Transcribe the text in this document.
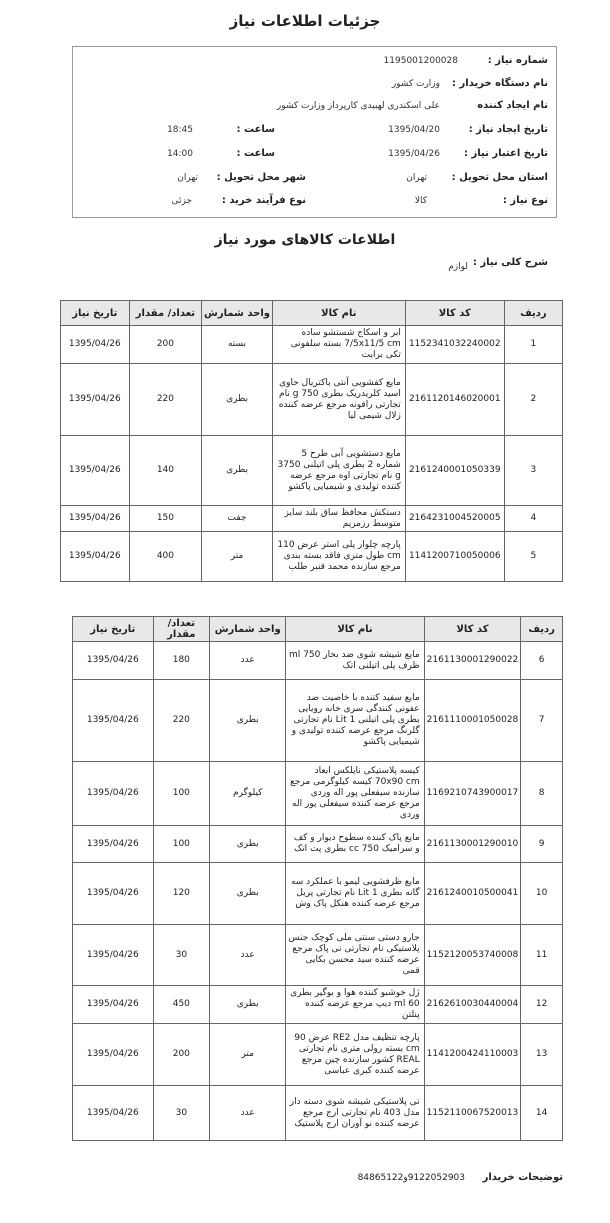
جزئیات اطلاعات نیاز
شماره نیاز :
1195001200028
نام دستگاه خریدار :
وزارت کشور
نام ایجاد کننده
علی اسکندری لهبیدی کارپرداز وزارت کشور
تاریخ ایجاد نیاز :
1395/04/20
ساعت :
18:45
تاریخ اعتبار نیاز :
1395/04/26
ساعت :
14:00
استان محل تحویل :
تهران
شهر محل تحویل :
تهران
نوع نیاز :
کالا
نوع فرآیند خرید :
جزئی
اطلاعات کالاهای مورد نیاز
شرح کلی نیاز :
لوازم
ردیف	کد کالا	نام کالا	واحد شمارش	تعداد/ مقدار	تاریخ نیاز
1	1152341032240002	ابر و اسکاج شستشو ساده 7/5x11/5 cm بسته سلفونی تکی برایت	بسته	200	1395/04/26
2	2161120146020001	مایع کفشویی آنتی باکتریال حاوی اسید کلریدریک بطری 750 g نام تجارتی رافونه مرجع عرضه کننده زلال شیمی لیا	بطری	220	1395/04/26
3	2161240001050339	مایع دستشویی آبی طرح 5 شماره 2 بطری پلی اتیلنی 3750 g نام تجارتی اوه مرجع عرضه کننده تولیدی و شیمیایی پاکشو	بطری	140	1395/04/26
4	2164231004520005	دستکش محافظ ساق بلند سایز متوسط رزمریم	جفت	150	1395/04/26
5	1141200710050006	پارچه چلوار پلی استر عرض 110 cm طول متری فاقد بسته بندی مرجع سازنده محمد قنبر طلب	متر	400	1395/04/26
ردیف	کد کالا	نام کالا	واحد شمارش	تعداد/ مقدار	تاریخ نیاز
6	2161130001290022	مایع شیشه شوی ضد بخار 750 ml ظرف پلی اتیلنی اتک	عدد	180	1395/04/26
7	2161110001050028	مایع سفید کننده با خاصیت ضد عفونی کنندگی سری خانه رویایی بطری پلی اتیلنی 1 Lit نام تجارتی گلرنگ مرجع عرضه کننده تولیدی و شیمیایی پاکشو	بطری	220	1395/04/26
8	1169210743900017	کیسه پلاستیکی نایلکس ابعاد 70x90 cm کیسه کیلوگرمی مرجع سازنده سیفعلی پور اله وردی مرجع عرضه کننده سیفعلی پور اله وردی	کیلوگرم	100	1395/04/26
9	2161130001290010	مایع پاک کننده سطوح دیوار و کف و سرامیک 750 cc بطری پت اتک	بطری	100	1395/04/26
10	2161240010500041	مایع ظرفشویی لیمو با عملکرد سه گانه بطری 1 Lit نام تجارتی پریل مرجع عرضه کننده هنکل پاک وش	بطری	120	1395/04/26
11	1152120053740008	جارو دستی سنتی ملی کوچک جنس پلاستیکی نام تجارتی نی پاک مرجع عرضه کننده سید محسن بکایی قمی	عدد	30	1395/04/26
12	2162610030440004	ژل خوشبو کننده هوا و بوگیر بطری 60 ml دیپ مرجع عرضه کننده پنلتن	بطری	450	1395/04/26
13	1141200424110003	پارچه تنظیف مدل RE2 عرض 90 cm بسته رولی متری نام تجارتی REAL کشور سازنده چین مرجع عرضه کننده کبری عباسی	متر	200	1395/04/26
14	1152110067520013	تی پلاستیکی شیشه شوی دسته دار مدل 403 نام تجارتی ارج مرجع عرضه کننده نو آوران ارج پلاستیک	عدد	30	1395/04/26
توضیحات خریدار
9122052903و84865122
